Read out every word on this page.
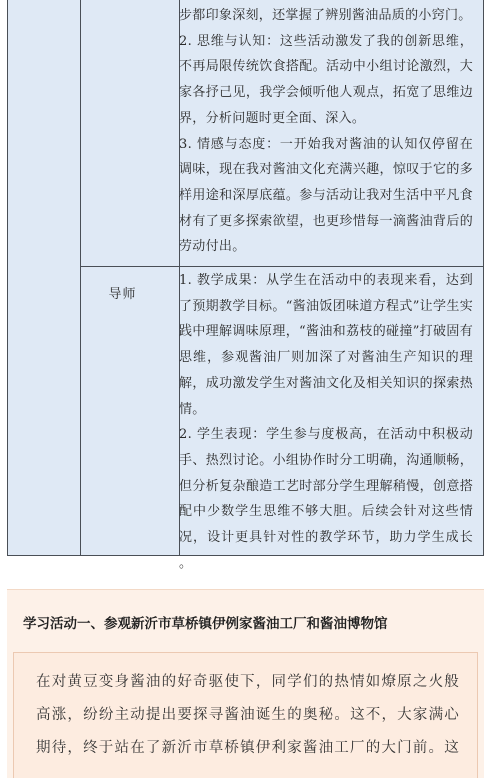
步都印象深刻，还掌握了辨别酱油品质的小窍门。

2. 思维与认知：这些活动激发了我的创新思维，不再局限传统饮食搭配。活动中小组讨论激烈，大家各抒己见，我学会倾听他人观点，拓宽了思维边界，分析问题时更全面、深入。

3. 情感与态度：一开始我对酱油的认知仅停留在调味，现在我对酱油文化充满兴趣，惊叹于它的多样用途和深厚底蕴。参与活动让我对生活中平凡食材有了更多探索欲望，也更珍惜每一滴酱油背后的劳动付出。

导师

1. 教学成果：从学生在活动中的表现来看，达到了预期教学目标。“酱油饭团味道方程式”让学生实践中理解调味原理，“酱油和荔枝的碰撞”打破固有思维，参观酱油厂则加深了对酱油生产知识的理解，成功激发学生对酱油文化及相关知识的探索热情。

2. 学生表现：学生参与度极高，在活动中积极动手、热烈讨论。小组协作时分工明确，沟通顺畅，但分析复杂酿造工艺时部分学生理解稍慢，创意搭配中少数学生思维不够大胆。后续会针对这些情况，设计更具针对性的教学环节，助力学生成长 。

学习活动一、参观新沂市草桥镇伊例家酱油工厂和酱油博物馆
在对黄豆变身酱油的好奇驱使下，同学们的热情如燎原之火般高涨，纷纷主动提出要探寻酱油诞生的奥秘。这不，大家满心期待，终于站在了新沂市草桥镇伊利家酱油工厂的大门前。这
